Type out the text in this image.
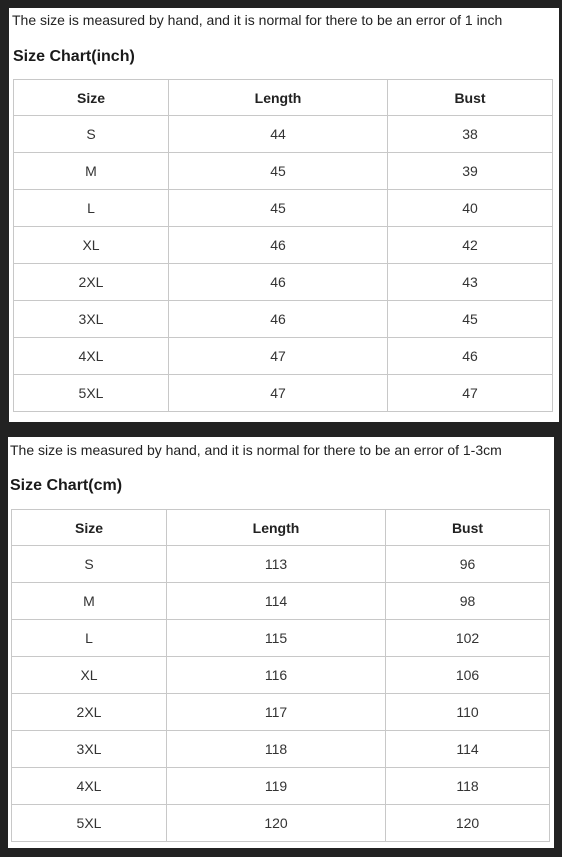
The size is measured by hand, and it is normal for there to be an error of 1 inch
Size Chart(inch)
Size	Length	Bust
S	44	38
M	45	39
L	45	40
XL	46	42
2XL	46	43
3XL	46	45
4XL	47	46
5XL	47	47
The size is measured by hand, and it is normal for there to be an error of 1-3cm
Size Chart(cm)
Size	Length	Bust
S	113	96
M	114	98
L	115	102
XL	116	106
2XL	117	110
3XL	118	114
4XL	119	118
5XL	120	120
